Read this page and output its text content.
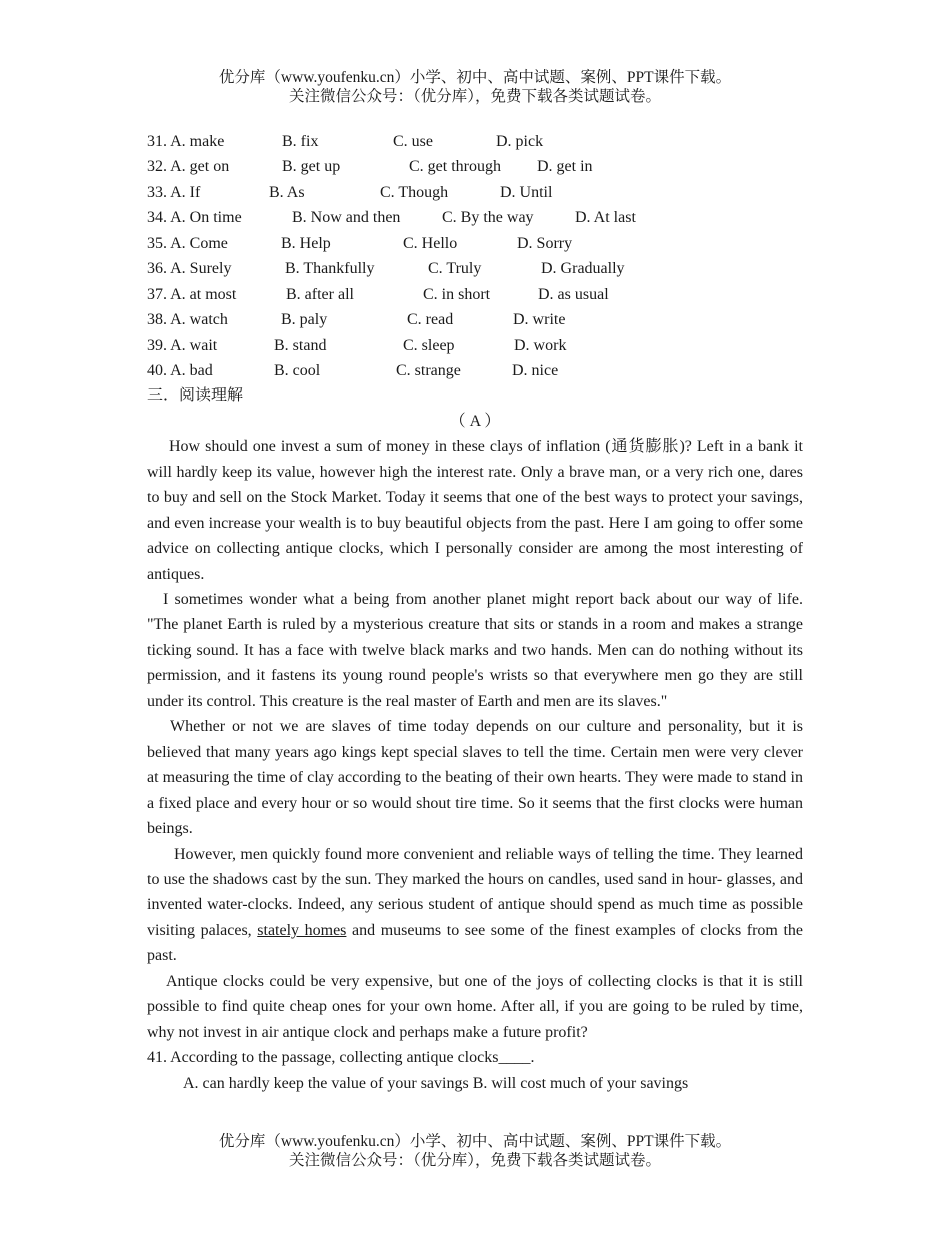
优分库（www.youfenku.cn）小学、初中、高中试题、案例、PPT课件下载。
关注微信公众号：（优分库），免费下载各类试题试卷。
31. A. make	B. fix	C. use	D. pick
32. A. get on	B. get up	C. get through D. get in
33. A. If	B. As	C. Though	D. Until
34. A. On time	B. Now and then	C. By the way	D. At last
35. A. Come	B. Help	C. Hello	D. Sorry
36. A. Surely	B. Thankfully	C. Truly	D. Gradually
37. A. at most	B. after all	C. in short	D. as usual
38. A. watch	B. paly	C. read	D. write
39. A. wait	B. stand	C. sleep	D. work
40. A. bad	B. cool	C. strange	D. nice
三．阅读理解
（ A ）

How should one invest a sum of money in these clays of inflation (通货膨胀)? Left in a bank it will hardly keep its value, however high the interest rate. Only a brave man, or a very rich one, dares to buy and sell on the Stock Market. Today it seems that one of the best ways to protect your savings, and even increase your wealth is to buy beautiful objects from the past. Here I am going to offer some advice on collecting antique clocks, which I personally consider are among the most interesting of antiques.

I sometimes wonder what a being from another planet might report back about our way of life. "The planet Earth is ruled by a mysterious creature that sits or stands in a room and makes a strange ticking sound. It has a face with twelve black marks and two hands. Men can do nothing without its permission, and it fastens its young round people's wrists so that everywhere men go they are still under its control. This creature is the real master of Earth and men are its slaves."

Whether or not we are slaves of time today depends on our culture and personality, but it is believed that many years ago kings kept special slaves to tell the time. Certain men were very clever at measuring the time of clay according to the beating of their own hearts. They were made to stand in a fixed place and every hour or so would shout tire time. So it seems that the first clocks were human beings.

However, men quickly found more convenient and reliable ways of telling the time. They learned to use the shadows cast by the sun. They marked the hours on candles, used sand in hour- glasses, and invented water-clocks. Indeed, any serious student of antique should spend as much time as possible visiting palaces, stately homes and museums to see some of the finest examples of clocks from the past.

Antique clocks could be very expensive, but one of the joys of collecting clocks is that it is still possible to find quite cheap ones for your own home. After all, if you are going to be ruled by time, why not invest in air antique clock and perhaps make a future profit?

41. According to the passage, collecting antique clocks____.
A. can hardly keep the value of your savings B. will cost much of your savings
优分库（www.youfenku.cn）小学、初中、高中试题、案例、PPT课件下载。
关注微信公众号：（优分库），免费下载各类试题试卷。
